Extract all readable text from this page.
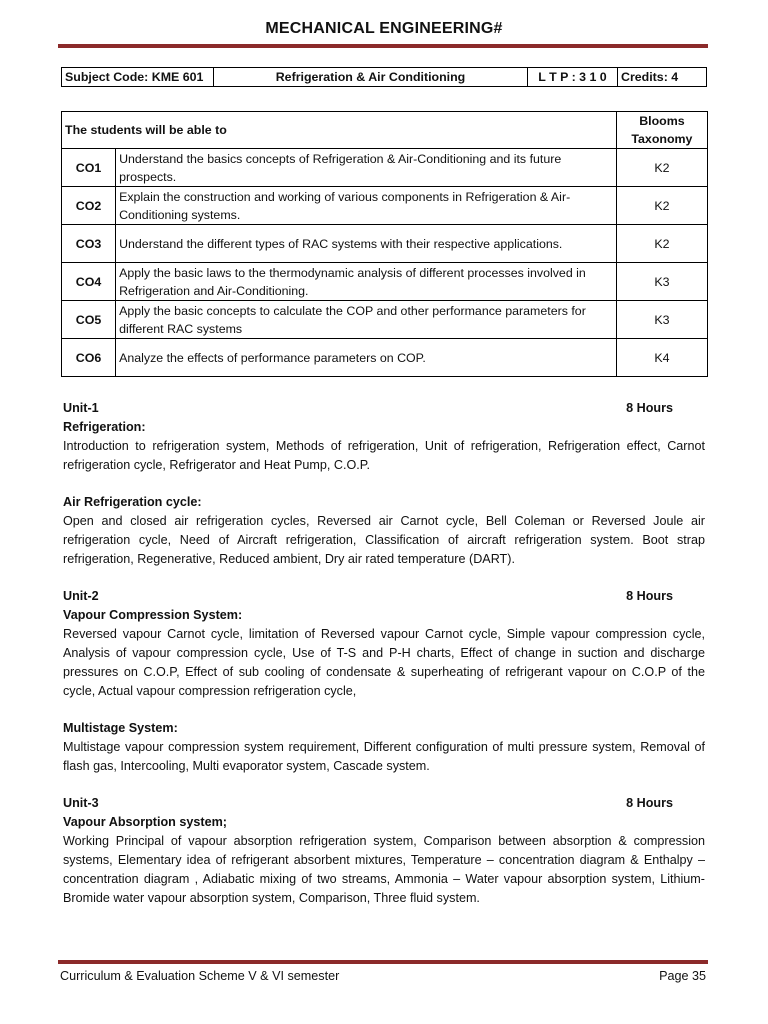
MECHANICAL ENGINEERING#
Subject Code: KME 601	Refrigeration & Air Conditioning	L T P : 3 1 0	Credits: 4
The students will be able to		Blooms Taxonomy
CO1	Understand the basics concepts of Refrigeration & Air-Conditioning and its future prospects.	K2
CO2	Explain the construction and working of various components in Refrigeration & Air-Conditioning systems.	K2
CO3	Understand the different types of RAC systems with their respective applications.	K2
CO4	Apply the basic laws to the thermodynamic analysis of different processes involved in Refrigeration and Air-Conditioning.	K3
CO5	Apply the basic concepts to calculate the COP and other performance parameters for different RAC systems	K3
CO6	Analyze the effects of performance parameters on COP.	K4
Unit-1	8 Hours
Refrigeration:
Introduction to refrigeration system, Methods of refrigeration, Unit of refrigeration, Refrigeration effect, Carnot refrigeration cycle, Refrigerator and Heat Pump, C.O.P.
Air Refrigeration cycle:
Open and closed air refrigeration cycles, Reversed air Carnot cycle, Bell Coleman or Reversed Joule air refrigeration cycle, Need of Aircraft refrigeration, Classification of aircraft refrigeration system. Boot strap refrigeration, Regenerative, Reduced ambient, Dry air rated temperature (DART).
Unit-2	8 Hours
Vapour Compression System:
Reversed vapour Carnot cycle, limitation of Reversed vapour Carnot cycle, Simple vapour compression cycle, Analysis of vapour compression cycle, Use of T-S and P-H charts, Effect of change in suction and discharge pressures on C.O.P, Effect of sub cooling of condensate & superheating of refrigerant vapour on C.O.P of the cycle, Actual vapour compression refrigeration cycle,
Multistage System:
Multistage vapour compression system requirement, Different configuration of multi pressure system, Removal of flash gas, Intercooling, Multi evaporator system, Cascade system.
Unit-3	8 Hours
Vapour Absorption system;
Working Principal of vapour absorption refrigeration system, Comparison between absorption & compression systems, Elementary idea of refrigerant absorbent mixtures, Temperature – concentration diagram & Enthalpy – concentration diagram , Adiabatic mixing of two streams, Ammonia – Water vapour absorption system, Lithium- Bromide water vapour absorption system, Comparison, Three fluid system.
Curriculum & Evaluation Scheme V & VI semester	Page 35
